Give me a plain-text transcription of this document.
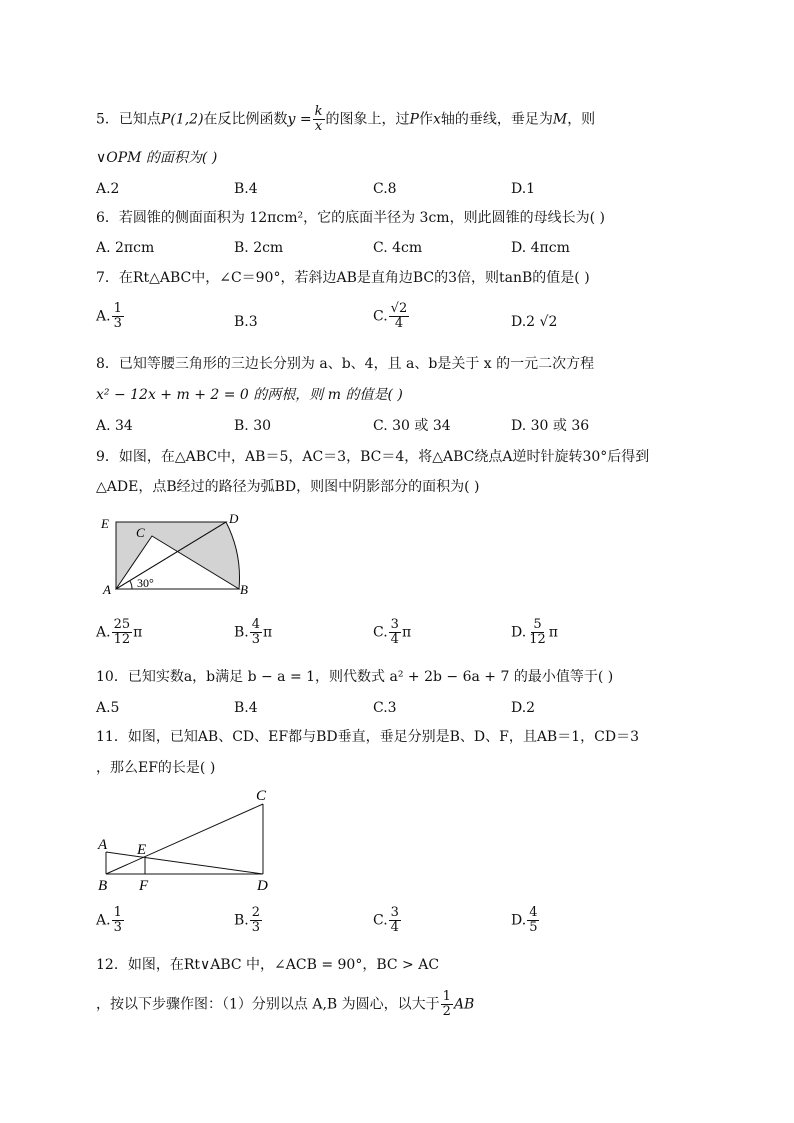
5．已知点P(1,2)在反比例函数$y = \frac{k}{x}$ 的图象上，过P作x轴的垂线，垂足为M，则
∨OPM 的面积为( )
A.2	B.4	C.8	D.1
6．若圆锥的侧面面积为 12πcm²，它的底面半径为 3cm，则此圆锥的母线长为( )
A. 2πcm	B. 2cm	C. 4cm	D. 4πcm
7．在Rt△ABC中，∠C＝90°，若斜边AB是直角边BC的3倍，则tanB的值是( )
A. $\frac{1}{3}$	B.3	C. $\frac{√2}{4}$	D.2 √2
8．已知等腰三角形的三边长分别为 a、b、4，且 a、b是关于 x 的一元二次方程
x² − 12x + m + 2 = 0 的两根，则 m 的值是( )
A. 34	B. 30	C. 30 或 34	D. 30 或 36
9．如图，在△ABC中，AB＝5，AC＝3，BC＝4，将△ABC绕点A逆时针旋转30°后得到
△ADE，点B经过的路径为弧BD，则图中阴影部分的面积为( )
E
C
D
A	B
30°
A. $\frac{25}{12}$ π	B. $\frac{4}{3}$ π	C. $\frac{3}{4}$ π	D. $\frac{5}{12}$ π
10．已知实数a，b满足 b − a = 1，则代数式 a² + 2b − 6a + 7 的最小值等于( )
A.5	B.4	C.3	D.2
11．如图，已知AB、CD、EF都与BD垂直，垂足分别是B、D、F，且AB＝1，CD＝3
，那么EF的长是( )
C
A E
B F	D
A. $\frac{1}{3}$	B. $\frac{2}{3}$	C. $\frac{3}{4}$	D. $\frac{4}{5}$
12．如图，在Rt∨ABC 中，∠ACB = 90°，BC > AC
，按以下步骤作图：（1）分别以点 A,B 为圆心，以大于 $\frac{1}{2}$ AB
